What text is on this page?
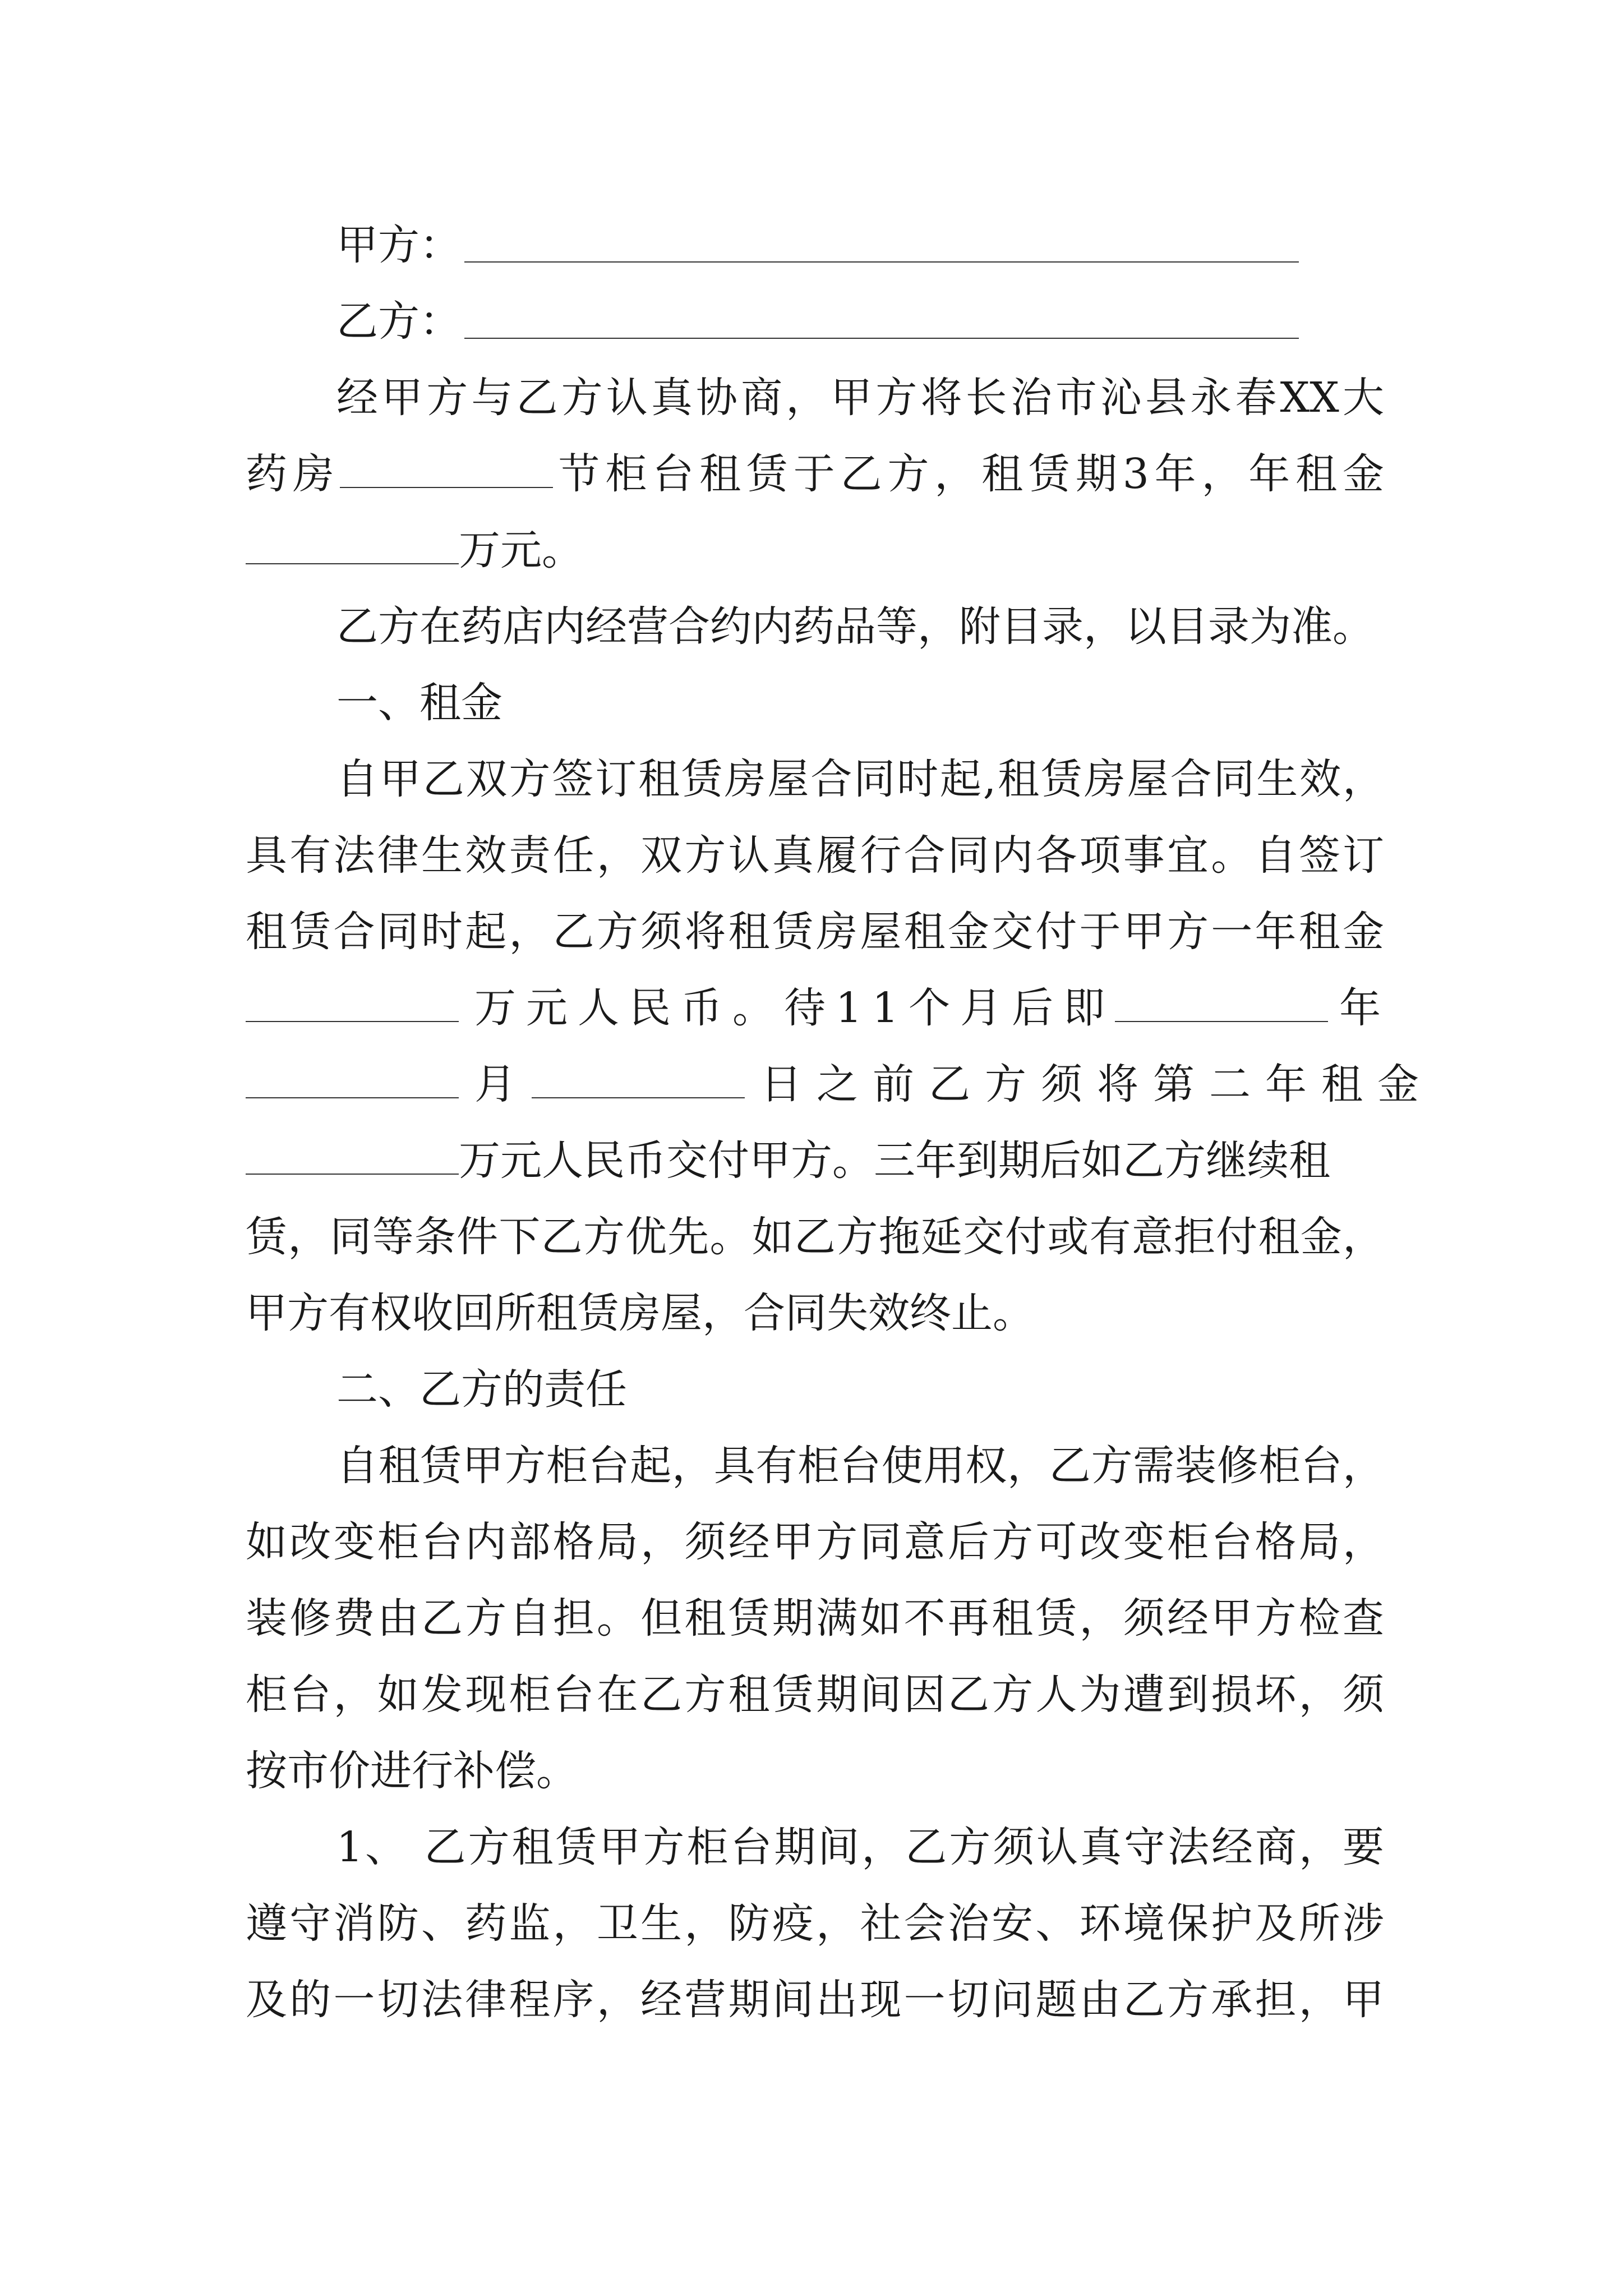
甲方：
乙方：
经甲方与乙方认真协商，甲方将长治市沁县永春XX大
药房	节柜台租赁于乙方，租赁期3年，年租金
万元。
乙方在药店内经营合约内药品等，附目录，以目录为准。
一、租金
自甲乙双方签订租赁房屋合同时起,租赁房屋合同生效，
具有法律生效责任，双方认真履行合同内各项事宜。自签订
租赁合同时起，乙方须将租赁房屋租金交付于甲方一年租金
万元人民币。待11个月后即	年
月	日之前乙方须将第二年租金
万元人民币交付甲方。三年到期后如乙方继续租
赁，同等条件下乙方优先。如乙方拖延交付或有意拒付租金，
甲方有权收回所租赁房屋，合同失效终止。
二、乙方的责任
自租赁甲方柜台起，具有柜台使用权，乙方需装修柜台，
如改变柜台内部格局，须经甲方同意后方可改变柜台格局，
装修费由乙方自担。但租赁期满如不再租赁，须经甲方检查
柜台，如发现柜台在乙方租赁期间因乙方人为遭到损坏，须
按市价进行补偿。
1、 乙方租赁甲方柜台期间，乙方须认真守法经商，要
遵守消防、药监，卫生，防疫，社会治安、环境保护及所涉
及的一切法律程序，经营期间出现一切问题由乙方承担，甲
